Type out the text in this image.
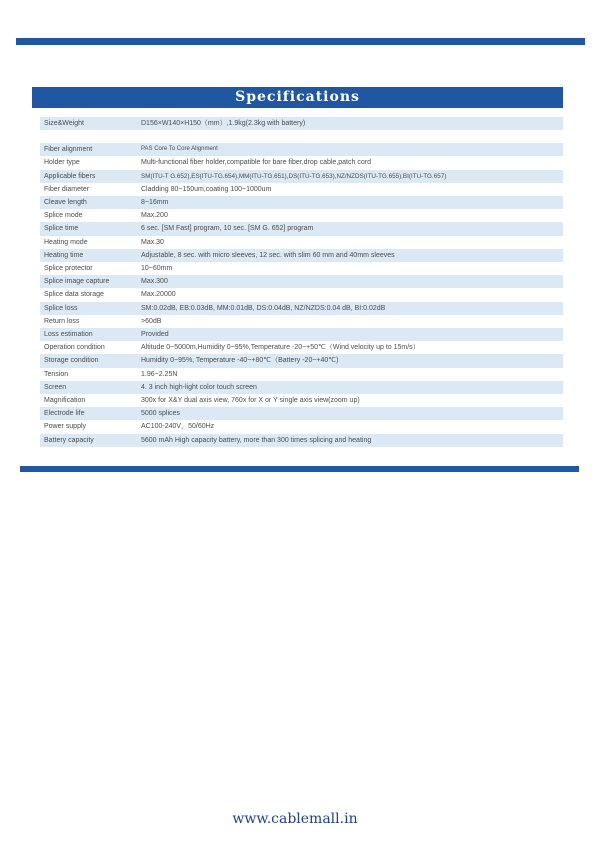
Specifications
Size&Weight	D156×W140×H150（mm）,1.9kg(2.3kg with battery)

Fiber alignment	PAS Core To Core Alignment
Holder type	Multi-functional fiber holder,compatible for bare fiber,drop cable,patch cord
Applicable fibers	SM(ITU-T G.652),ES(ITU-TG.654),MM(ITU-TG.651),DS(ITU-TG.653),NZ/NZDS(ITU-TG.655),BI(ITU-TG.657)
Fiber diameter	Cladding 80~150um,coating 100~1000um
Cleave length	8~16mm
Splice mode	Max.200
Splice time	6 sec. [SM Fast] program, 10 sec. [SM G. 652] program
Heating mode	Max.30
Heating time	Adjustable, 8 sec. with micro sleeves, 12 sec. with slim 60 mm and 40mm sleeves
Splice protector	10~60mm
Splice image capture	Max.300
Splice data storage	Max.20000
Splice loss	SM:0.02dB, EB:0.03dB, MM:0.01dB, DS:0.04dB, NZ/NZDS:0.04 dB, BI:0.02dB
Return loss	>60dB
Loss estimation	Provided
Operation condition	Altitude 0~5000m,Humidity 0~95%,Temperature -20~+50℃（Wind velocity up to 15m/s）
Storage condition	Humidity 0~95%, Temperature -40~+80℃（Battery -20~+40℃)
Tension	1.96~2.25N
Screen	4. 3 inch high-light color touch screen
Magnification	300x for X&Y dual axis view, 760x for X or Y single axis view(zoom up)
Electrode life	5000 splices
Power supply	AC100-240V，50/60Hz
Battery capacity	5600 mAh High capacity battery, more than 300 times splicing and heating
www.cablemall.in
